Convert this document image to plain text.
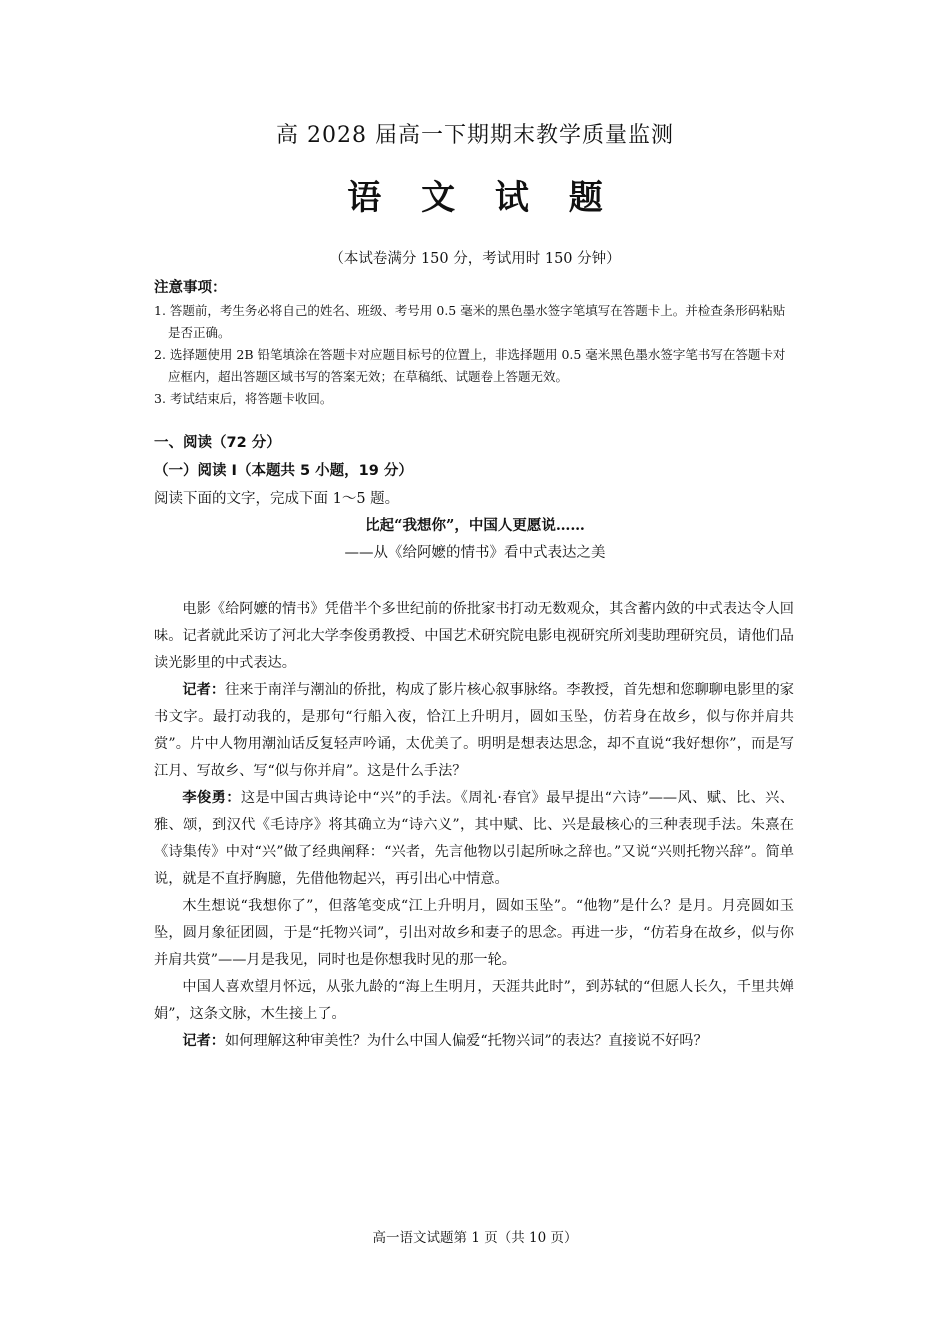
高 2028 届高一下期期末教学质量监测
语 文 试 题
（本试卷满分 150 分，考试用时 150 分钟）
注意事项：
1. 答题前，考生务必将自己的姓名、班级、考号用 0.5 毫米的黑色墨水签字笔填写在答题卡上。并检查条形码粘贴是否正确。
2. 选择题使用 2B 铅笔填涂在答题卡对应题目标号的位置上，非选择题用 0.5 毫米黑色墨水签字笔书写在答题卡对应框内，超出答题区域书写的答案无效；在草稿纸、试题卷上答题无效。
3. 考试结束后，将答题卡收回。
一、阅读（72 分）
（一）阅读 I（本题共 5 小题，19 分）
阅读下面的文字，完成下面 1～5 题。
比起“我想你”，中国人更愿说……
——从《给阿嬷的情书》看中式表达之美

电影《给阿嬷的情书》凭借半个多世纪前的侨批家书打动无数观众，其含蓄内敛的中式表达令人回味。记者就此采访了河北大学李俊勇教授、中国艺术研究院电影电视研究所刘斐助理研究员，请他们品读光影里的中式表达。

记者：往来于南洋与潮汕的侨批，构成了影片核心叙事脉络。李教授，首先想和您聊聊电影里的家书文字。最打动我的，是那句“行船入夜，恰江上升明月，圆如玉坠，仿若身在故乡，似与你并肩共赏”。片中人物用潮汕话反复轻声吟诵，太优美了。明明是想表达思念，却不直说“我好想你”，而是写江月、写故乡、写“似与你并肩”。这是什么手法？

李俊勇：这是中国古典诗论中“兴”的手法。《周礼·春官》最早提出“六诗”——风、赋、比、兴、雅、颂，到汉代《毛诗序》将其确立为“诗六义”，其中赋、比、兴是最核心的三种表现手法。朱熹在《诗集传》中对“兴”做了经典阐释：“兴者，先言他物以引起所咏之辞也。”又说“兴则托物兴辞”。简单说，就是不直抒胸臆，先借他物起兴，再引出心中情意。

木生想说“我想你了”，但落笔变成“江上升明月，圆如玉坠”。“他物”是什么？是月。月亮圆如玉坠，圆月象征团圆，于是“托物兴词”，引出对故乡和妻子的思念。再进一步，“仿若身在故乡，似与你并肩共赏”——月是我见，同时也是你想我时见的那一轮。

中国人喜欢望月怀远，从张九龄的“海上生明月，天涯共此时”，到苏轼的“但愿人长久，千里共婵娟”，这条文脉，木生接上了。

记者：如何理解这种审美性？为什么中国人偏爱“托物兴词”的表达？直接说不好吗？

高一语文试题第 1 页（共 10 页）
